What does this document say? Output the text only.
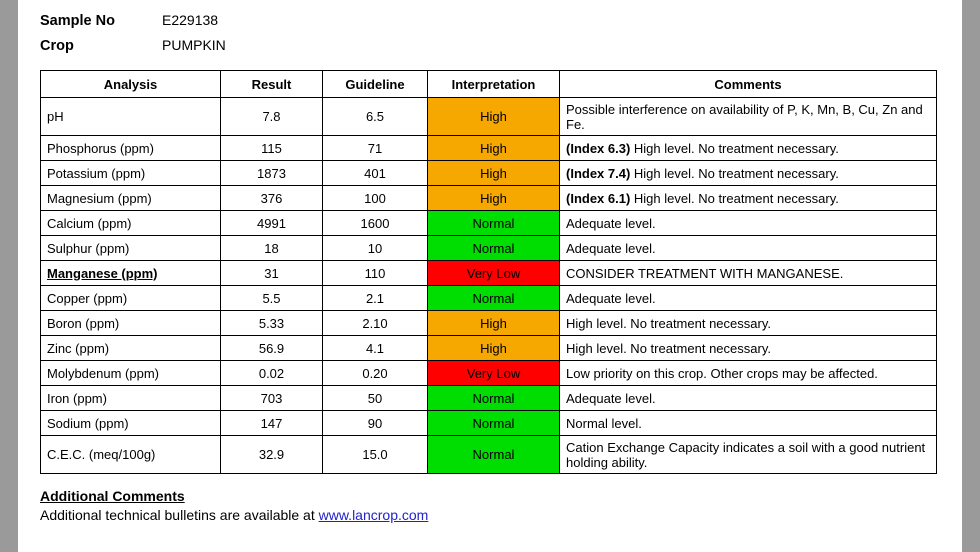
Sample No	E229138
Crop	PUMPKIN
Analysis	Result	Guideline	Interpretation	Comments
pH	7.8	6.5	High	Possible interference on availability of P, K, Mn, B, Cu, Zn and Fe.
Phosphorus (ppm)	115	71	High	(Index 6.3) High level. No treatment necessary.
Potassium (ppm)	1873	401	High	(Index 7.4) High level. No treatment necessary.
Magnesium (ppm)	376	100	High	(Index 6.1) High level. No treatment necessary.
Calcium (ppm)	4991	1600	Normal	Adequate level.
Sulphur (ppm)	18	10	Normal	Adequate level.
Manganese (ppm)	31	110	Very Low	CONSIDER TREATMENT WITH MANGANESE.
Copper (ppm)	5.5	2.1	Normal	Adequate level.
Boron (ppm)	5.33	2.10	High	High level. No treatment necessary.
Zinc (ppm)	56.9	4.1	High	High level. No treatment necessary.
Molybdenum (ppm)	0.02	0.20	Very Low	Low priority on this crop. Other crops may be affected.
Iron (ppm)	703	50	Normal	Adequate level.
Sodium (ppm)	147	90	Normal	Normal level.
C.E.C. (meq/100g)	32.9	15.0	Normal	Cation Exchange Capacity indicates a soil with a good nutrient holding ability.
Additional Comments
Additional technical bulletins are available at www.lancrop.com
